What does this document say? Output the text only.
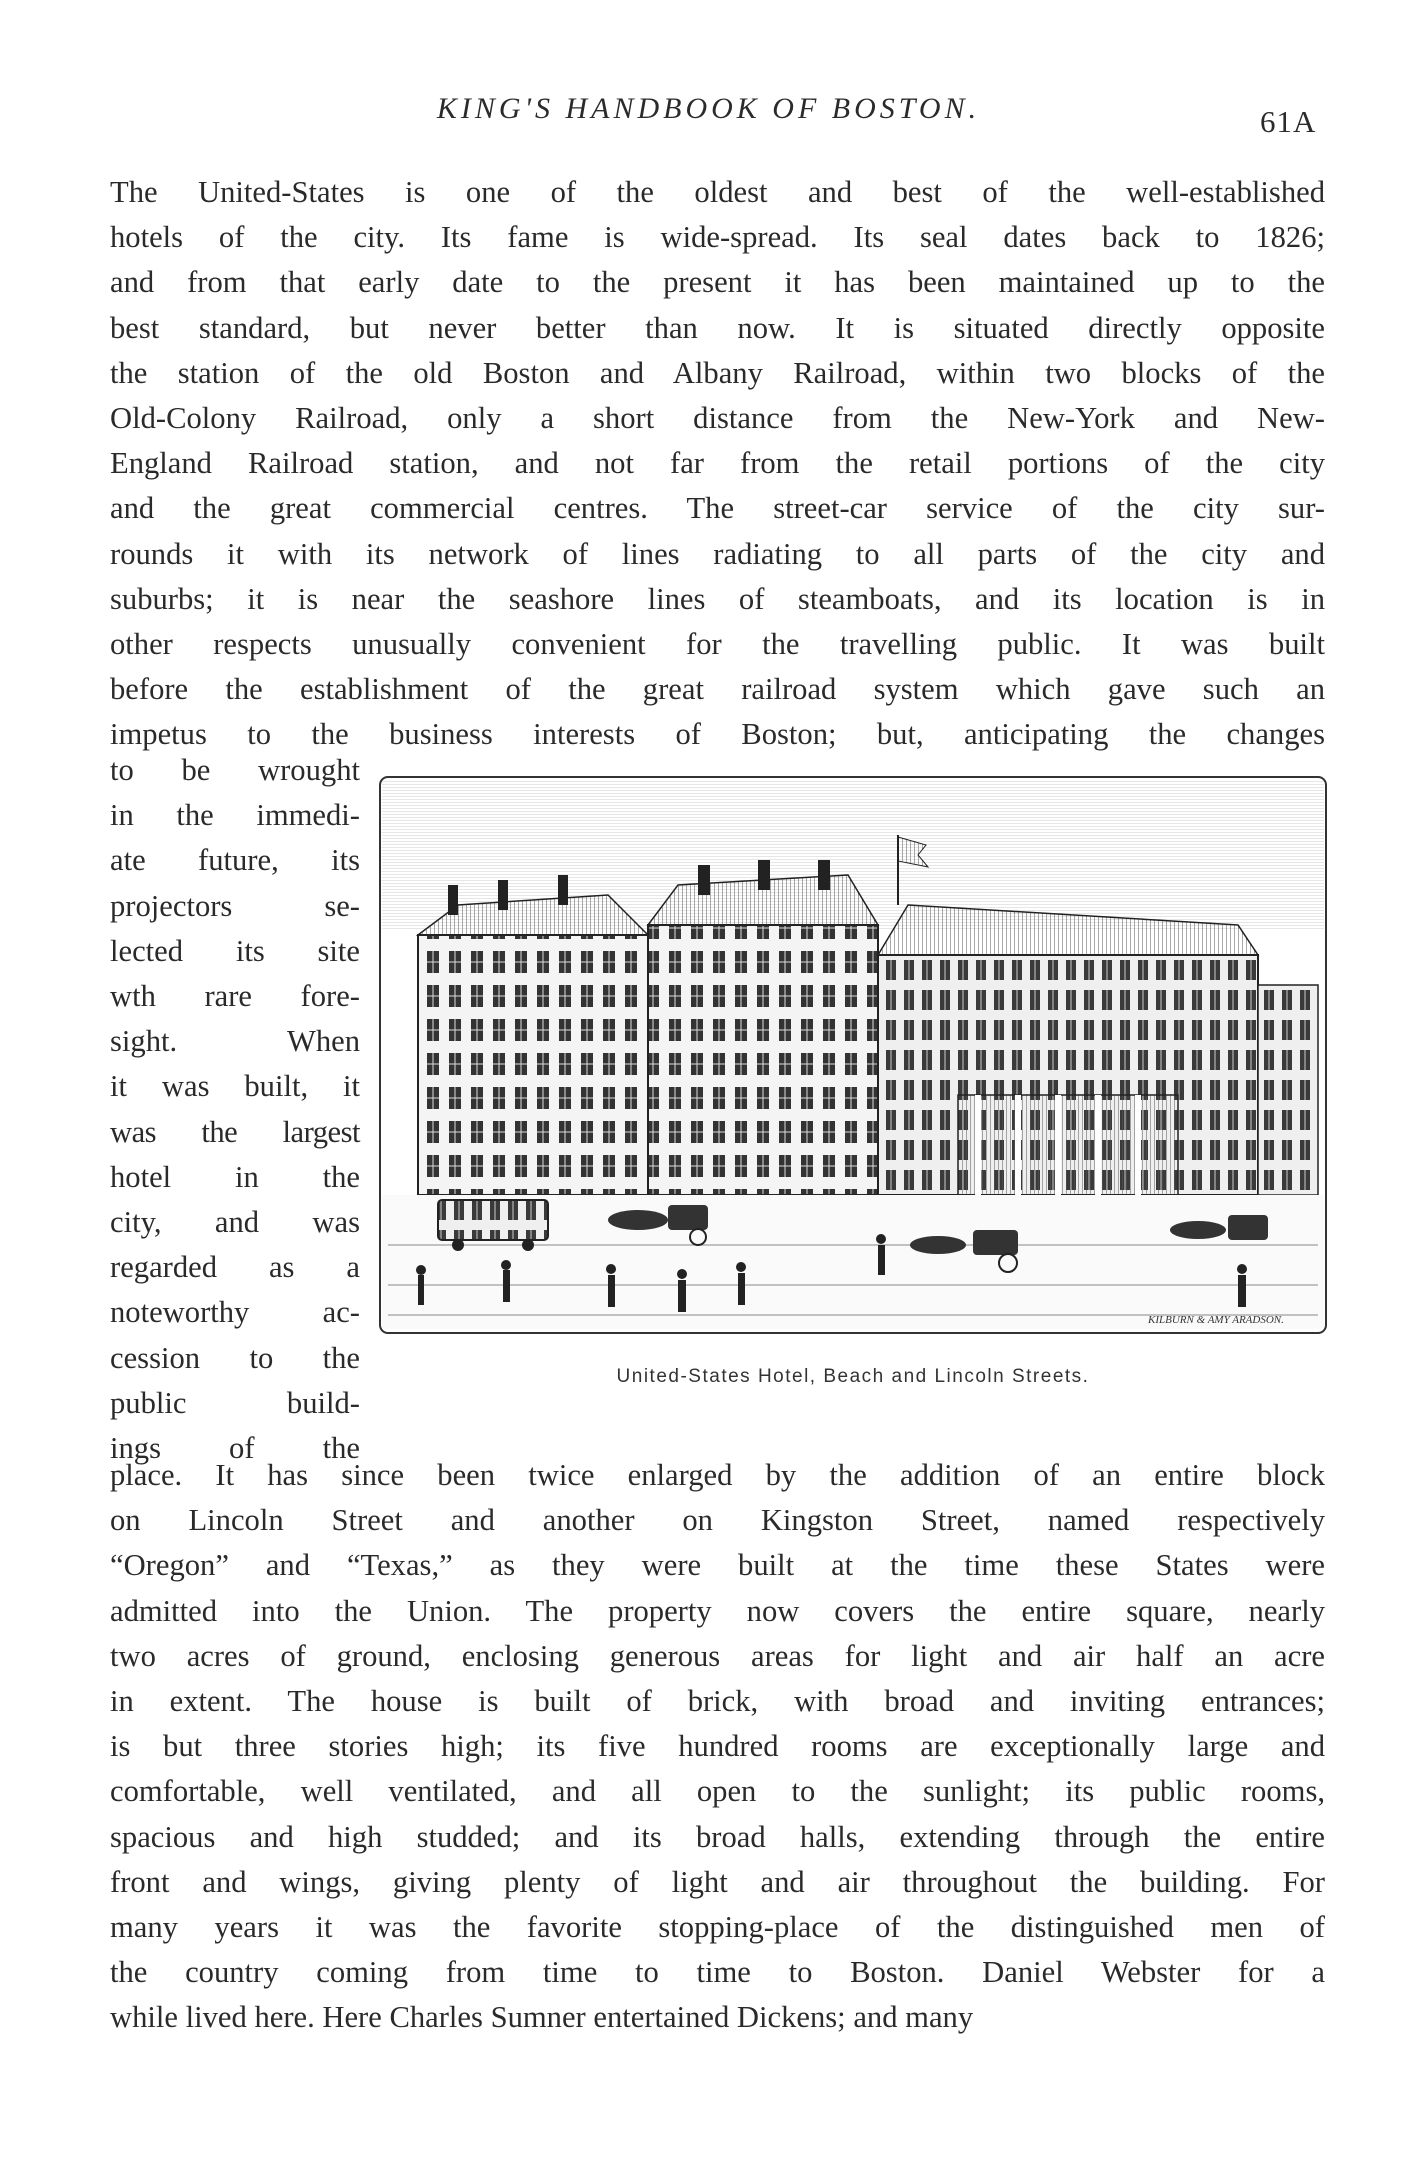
KING'S HANDBOOK OF BOSTON.	61A
The United-States is one of the oldest and best of the well-established
hotels of the city. Its fame is wide-spread. Its seal dates back to 1826;
and from that early date to the present it has been maintained up to the
best standard, but never better than now. It is situated directly opposite
the station of the old Boston and Albany Railroad, within two blocks of the
Old-Colony Railroad, only a short distance from the New-York and New-
England Railroad station, and not far from the retail portions of the city
and the great commercial centres. The street-car service of the city sur-
rounds it with its network of lines radiating to all parts of the city and
suburbs; it is near the seashore lines of steamboats, and its location is in
other respects unusually convenient for the travelling public. It was built
before the establishment of the great railroad system which gave such an
impetus to the business interests of Boston; but, anticipating the changes
to be wrought
in the immedi-
ate future, its
projectors se-
lected its site
wth rare fore-
sight. When
it was built, it
was the largest
hotel in the
city, and was
regarded as a
noteworthy ac-
cession to the
public build-
ings of the
KILBURN & AMY ARADSON.
United-States Hotel, Beach and Lincoln Streets.
place. It has since been twice enlarged by the addition of an entire block
on Lincoln Street and another on Kingston Street, named respectively
“Oregon” and “Texas,” as they were built at the time these States were
admitted into the Union. The property now covers the entire square, nearly
two acres of ground, enclosing generous areas for light and air half an acre
in extent. The house is built of brick, with broad and inviting entrances;
is but three stories high; its five hundred rooms are exceptionally large and
comfortable, well ventilated, and all open to the sunlight; its public rooms,
spacious and high studded; and its broad halls, extending through the entire
front and wings, giving plenty of light and air throughout the building. For
many years it was the favorite stopping-place of the distinguished men of
the country coming from time to time to Boston. Daniel Webster for a
while lived here. Here Charles Sumner entertained Dickens; and many
